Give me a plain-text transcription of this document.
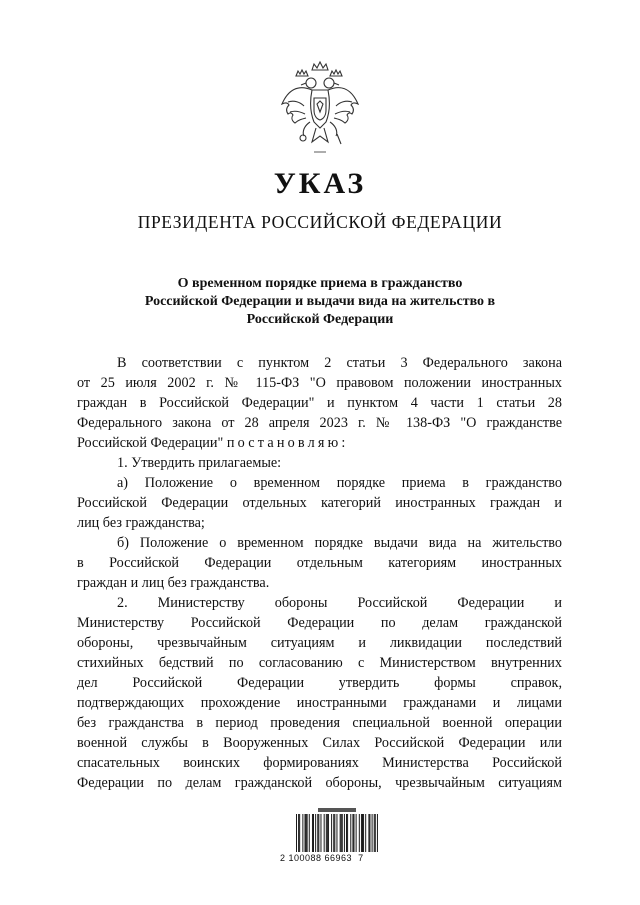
УКАЗ
ПРЕЗИДЕНТА РОССИЙСКОЙ ФЕДЕРАЦИИ
О временном порядке приема в гражданство
Российской Федерации и выдачи вида на жительство в
Российской Федерации
В соответствии с пунктом 2 статьи 3 Федерального закона
от 25 июля 2002 г. № 115-ФЗ "О правовом положении иностранных
граждан в Российской Федерации" и пунктом 4 части 1 статьи 28
Федерального закона от 28 апреля 2023 г. № 138-ФЗ "О гражданстве
Российской Федерации" постановляю:
1. Утвердить прилагаемые:
а) Положение о временном порядке приема в гражданство
Российской Федерации отдельных категорий иностранных граждан и
лиц без гражданства;
б) Положение о временном порядке выдачи вида на жительство
в Российской Федерации отдельным категориям иностранных
граждан и лиц без гражданства.
2. Министерству обороны Российской Федерации и
Министерству Российской Федерации по делам гражданской
обороны, чрезвычайным ситуациям и ликвидации последствий
стихийных бедствий по согласованию с Министерством внутренних
дел Российской Федерации утвердить формы справок,
подтверждающих прохождение иностранными гражданами и лицами
без гражданства в период проведения специальной военной операции
военной службы в Вооруженных Силах Российской Федерации или
спасательных воинских формированиях Министерства Российской
Федерации по делам гражданской обороны, чрезвычайным ситуациям
2 100088 66963  7
